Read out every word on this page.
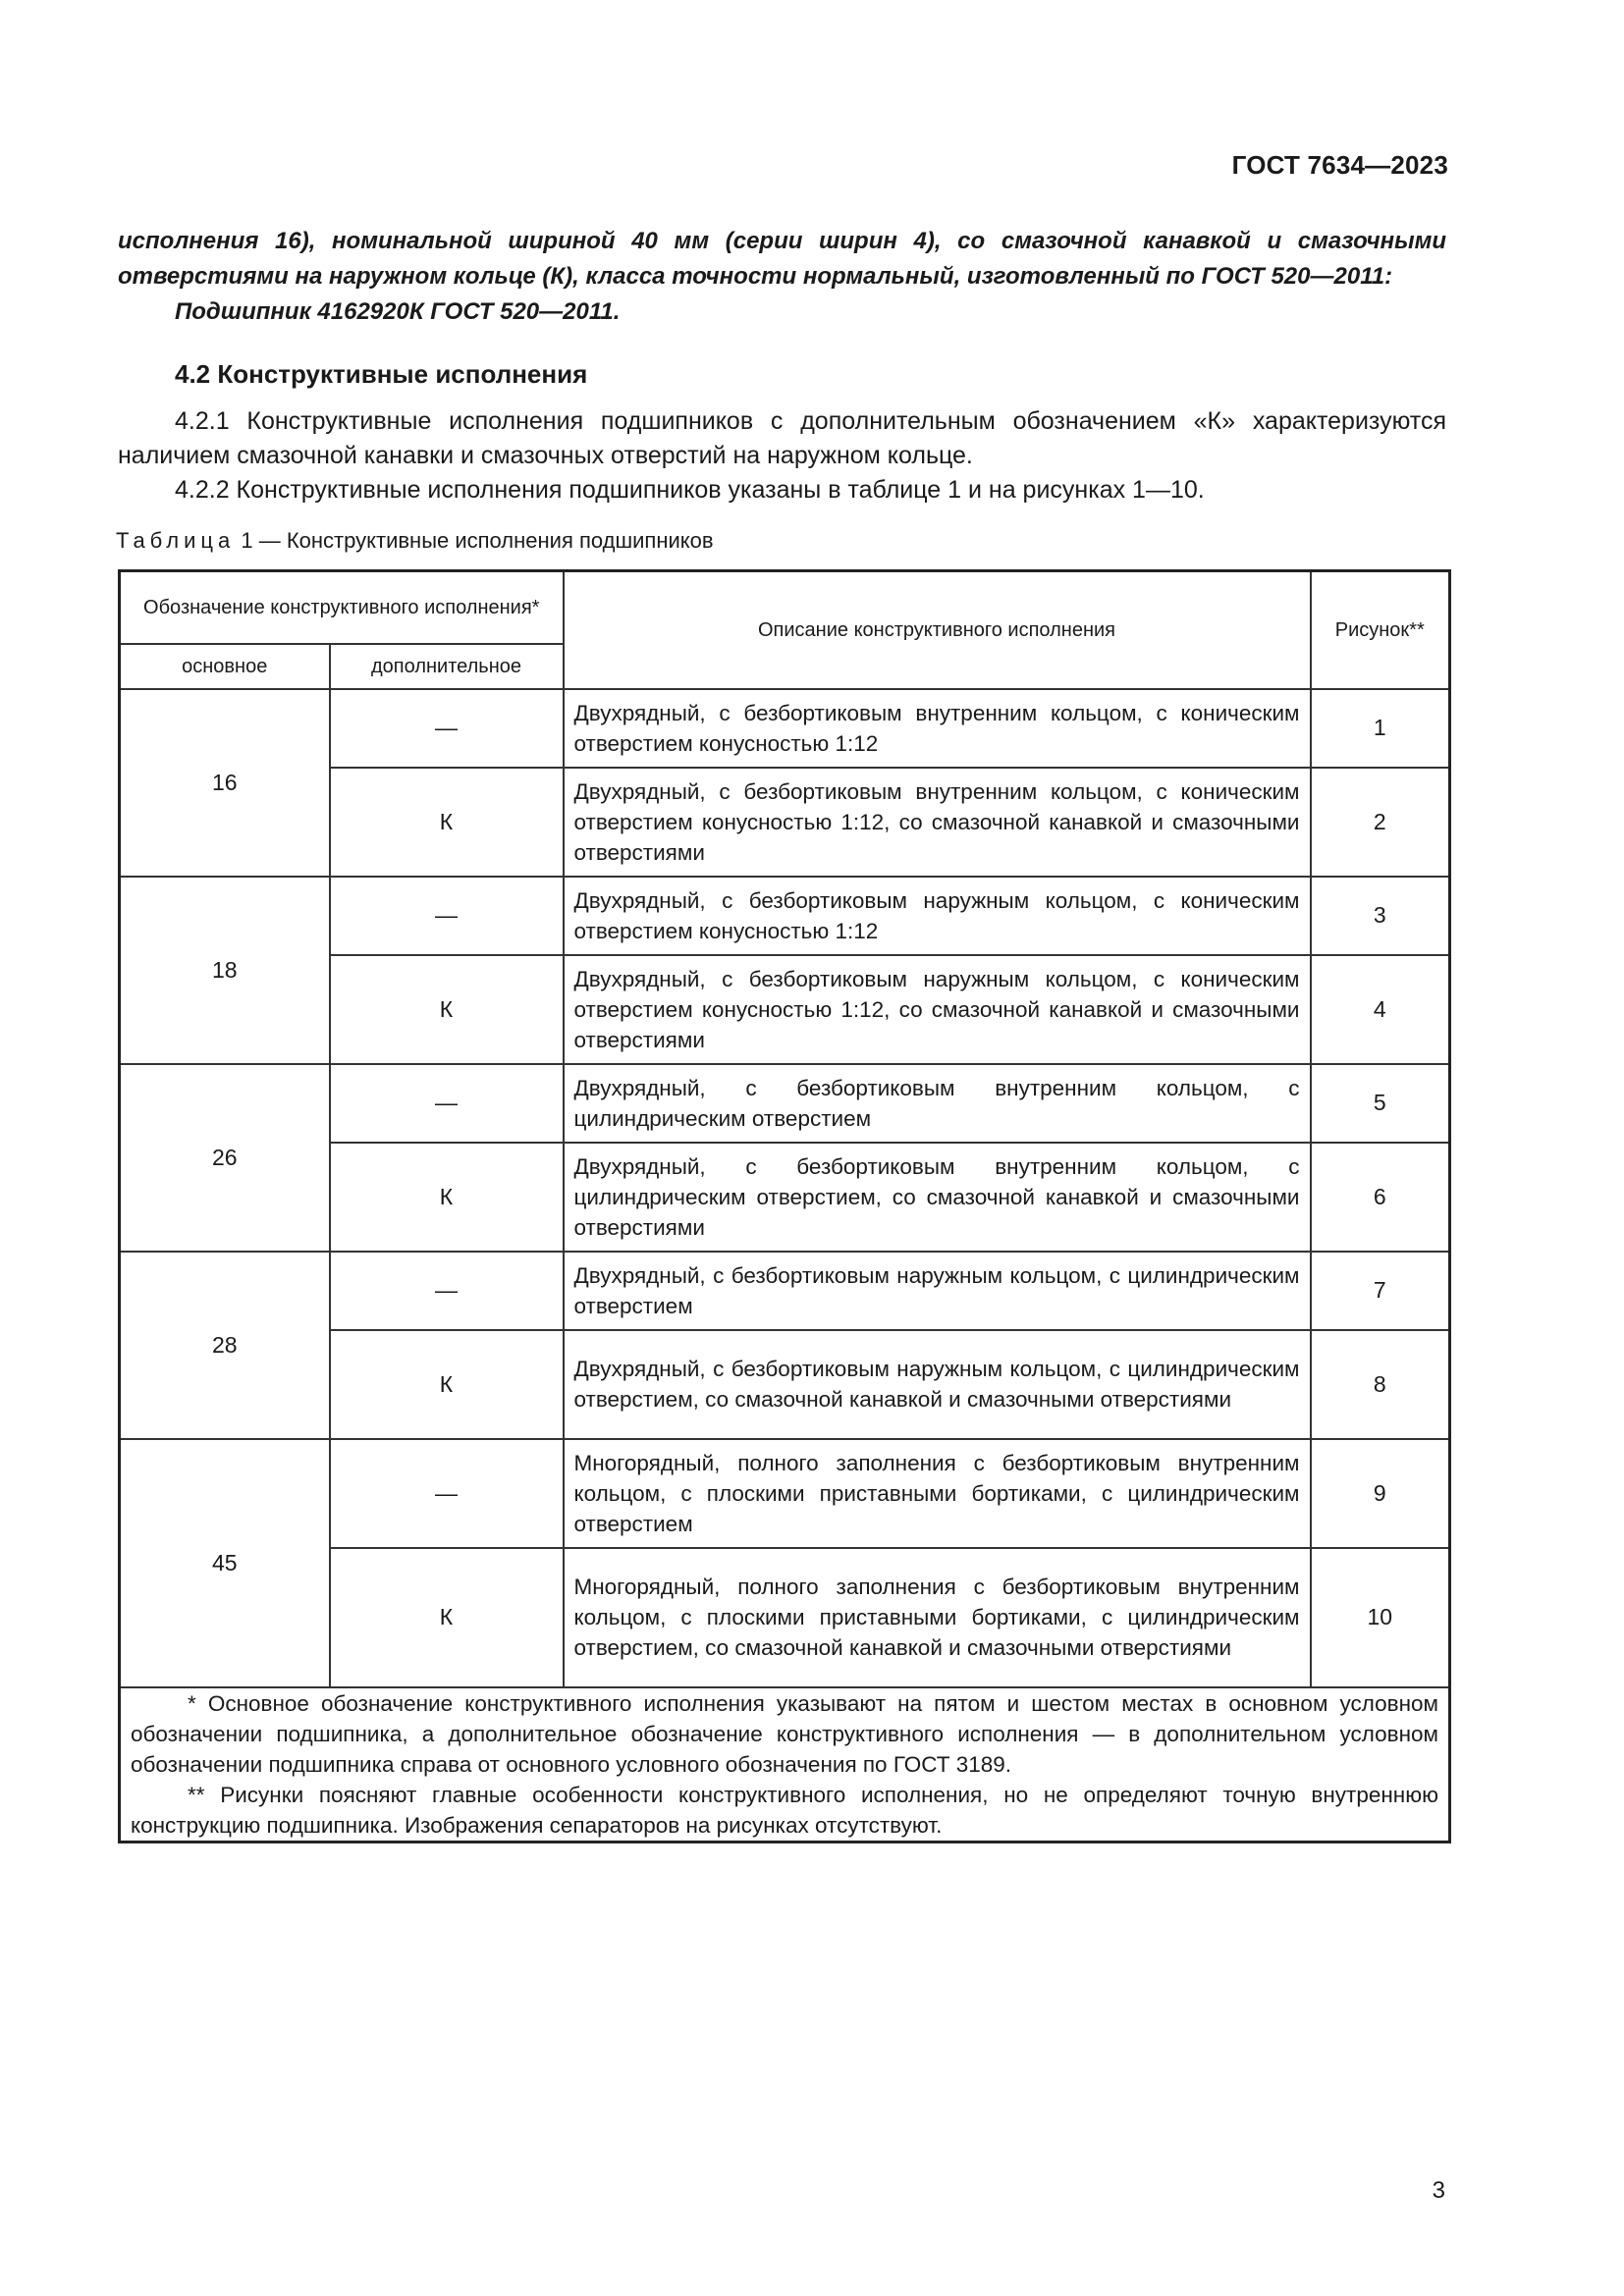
ГОСТ 7634—2023

исполнения 16), номинальной шириной 40 мм (серии ширин 4), со смазочной канавкой и смазочными отверстиями на наружном кольце (К), класса точности нормальный, изготовленный по ГОСТ 520—2011:

Подшипник 4162920К ГОСТ 520—2011.

4.2 Конструктивные исполнения

4.2.1 Конструктивные исполнения подшипников с дополнительным обозначением «К» характеризуются наличием смазочной канавки и смазочных отверстий на наружном кольце.

4.2.2 Конструктивные исполнения подшипников указаны в таблице 1 и на рисунках 1—10.

Таблица 1 — Конструктивные исполнения подшипников
Обозначение конструктивного исполнения*		Описание конструктивного исполнения	Рисунок**
основное	дополнительное		
16	—	Двухрядный, с безбортиковым внутренним кольцом, с коническим отверстием конусностью 1:12	1
	К	Двухрядный, с безбортиковым внутренним кольцом, с коническим отверстием конусностью 1:12, со смазочной канавкой и смазочными отверстиями	2
18	—	Двухрядный, с безбортиковым наружным кольцом, с коническим отверстием конусностью 1:12	3
	К	Двухрядный, с безбортиковым наружным кольцом, с коническим отверстием конусностью 1:12, со смазочной канавкой и смазочными отверстиями	4
26	—	Двухрядный, с безбортиковым внутренним кольцом, с цилиндрическим отверстием	5
	К	Двухрядный, с безбортиковым внутренним кольцом, с цилиндрическим отверстием, со смазочной канавкой и смазочными отверстиями	6
28	—	Двухрядный, с безбортиковым наружным кольцом, с цилиндрическим отверстием	7
	К	Двухрядный, с безбортиковым наружным кольцом, с цилиндрическим отверстием, со смазочной канавкой и смазочными отверстиями	8
45	—	Многорядный, полного заполнения с безбортиковым внутренним кольцом, с плоскими приставными бортиками, с цилиндрическим отверстием	9
	К	Многорядный, полного заполнения с безбортиковым внутренним кольцом, с плоскими приставными бортиками, с цилиндрическим отверстием, со смазочной канавкой и смазочными отверстиями	10

* Основное обозначение конструктивного исполнения указывают на пятом и шестом местах в основном условном обозначении подшипника, а дополнительное обозначение конструктивного исполнения — в дополнительном условном обозначении подшипника справа от основного условного обозначения по ГОСТ 3189.

** Рисунки поясняют главные особенности конструктивного исполнения, но не определяют точную внутреннюю конструкцию подшипника. Изображения сепараторов на рисунках отсутствуют.			

3
